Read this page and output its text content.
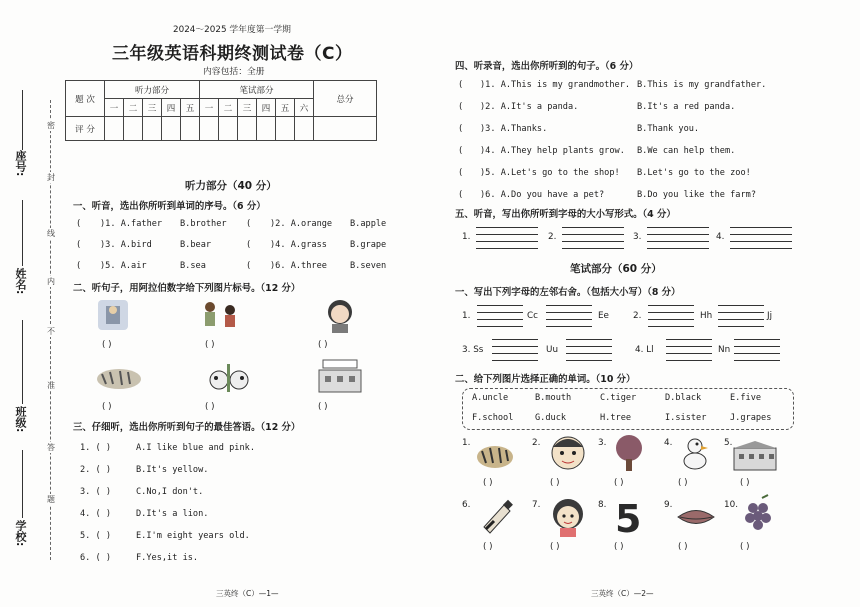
座号:
姓名:
班级:
学校:
密
封
线
内
不
准
答
题
2024～2025 学年度第一学期
三年级英语科期终测试卷（C）
内容包括：全册
题 次	听力部分					笔试部分						总分
	一	二	三	四	五	一	二	三	四	五	六	
评 分												
听力部分（40 分）
一、听音，选出你所听到单词的序号。（6 分）
( )1. A.father B.brother ( )2. A.orange B.apple
( )3. A.bird	B.bear	( )4. A.grass	B.grape
( )5. A.air	B.sea	( )6. A.three	B.seven
二、听句子，用阿拉伯数字给下列图片标号。（12 分）
( )	( )	( )
( )	( )	( )
三、仔细听，选出你所听到句子的最佳答语。（12 分）
1. ( )	A.I like blue and pink.
2. ( )	B.It's yellow.
3. ( )	C.No,I don't.
4. ( )	D.It's a lion.
5. ( )	E.I'm eight years old.
6. ( )	F.Yes,it is.
三英终（C）—1—
四、听录音，选出你所听到的句子。（6 分）
( )1. A.This is my grandmother. B.This is my grandfather.
( )2. A.It's a panda.	B.It's a red panda.
( )3. A.Thanks.	B.Thank you.
( )4. A.They help plants grow. B.We can help them.
( )5. A.Let's go to the shop! B.Let's go to the zoo!
( )6. A.Do you have a pet?	B.Do you like the farm?
五、听音，写出你所听到字母的大小写形式。（4 分）
1.	2.	3.	4.
笔试部分（60 分）
一、写出下列字母的左邻右舍。（包括大小写）（8 分）
1.	Cc	Ee	2.	Hh	Jj
3. Ss	Uu	4. Ll	Nn
二、给下列图片选择正确的单词。（10 分）
A.uncle	B.mouth	C.tiger	D.black	E.five
F.school	G.duck	H.tree	I.sister	J.grapes
1.	2.	3.	4.	5.
( )	( )	( )	( )	( )
6.	7.	8. 5	9.	10.
( )	( )	( )	( )	( )
三英终（C）—2—
